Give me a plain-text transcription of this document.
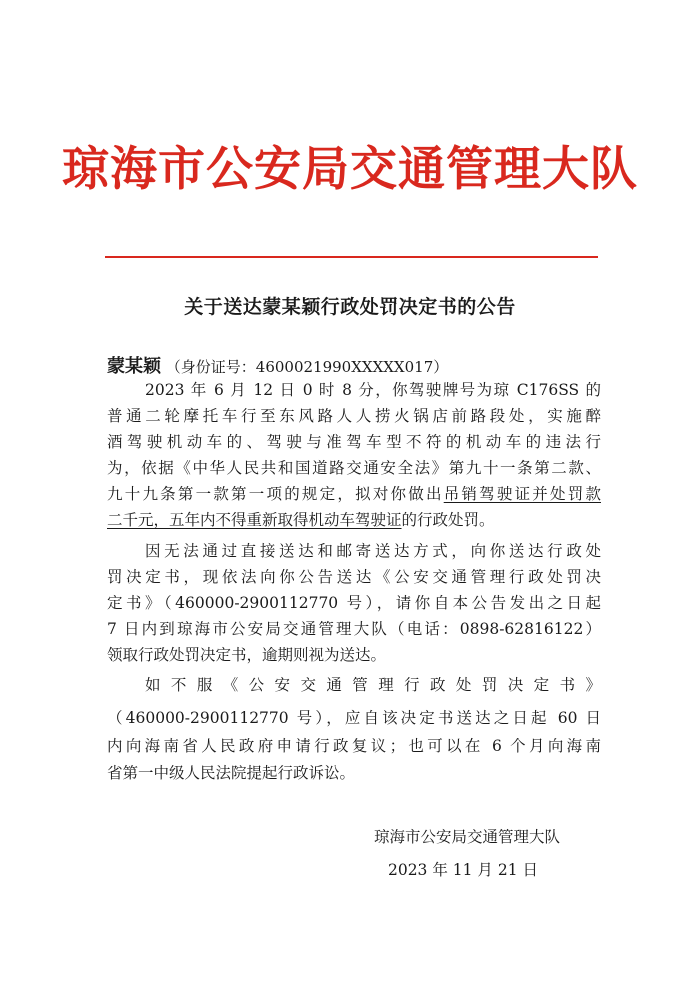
琼海市公安局交通管理大队
关于送达蒙某颖行政处罚决定书的公告
蒙某颖 （身份证号：4600021990XXXXX017）
2023 年 6 月 12 日 0 时 8 分，你驾驶牌号为琼 C176SS 的
普通二轮摩托车行至东风路人人捞火锅店前路段处，实施醉
酒驾驶机动车的、驾驶与准驾车型不符的机动车的违法行
为，依据《中华人民共和国道路交通安全法》第九十一条第二款、
九十九条第一款第一项的规定，拟对你做出吊销驾驶证并处罚款
二千元，五年内不得重新取得机动车驾驶证的行政处罚。
因无法通过直接送达和邮寄送达方式，向你送达行政处
罚决定书，现依法向你公告送达《公安交通管理行政处罚决
定书》（460000-2900112770 号），请你自本公告发出之日起
7 日内到琼海市公安局交通管理大队（电话：0898-62816122）
领取行政处罚决定书，逾期则视为送达。
如不服《公安交通管理行政处罚决定书》
（460000-2900112770 号），应自该决定书送达之日起 60 日
内向海南省人民政府申请行政复议；也可以在 6 个月向海南
省第一中级人民法院提起行政诉讼。
琼海市公安局交通管理大队
2023 年 11 月 21 日
